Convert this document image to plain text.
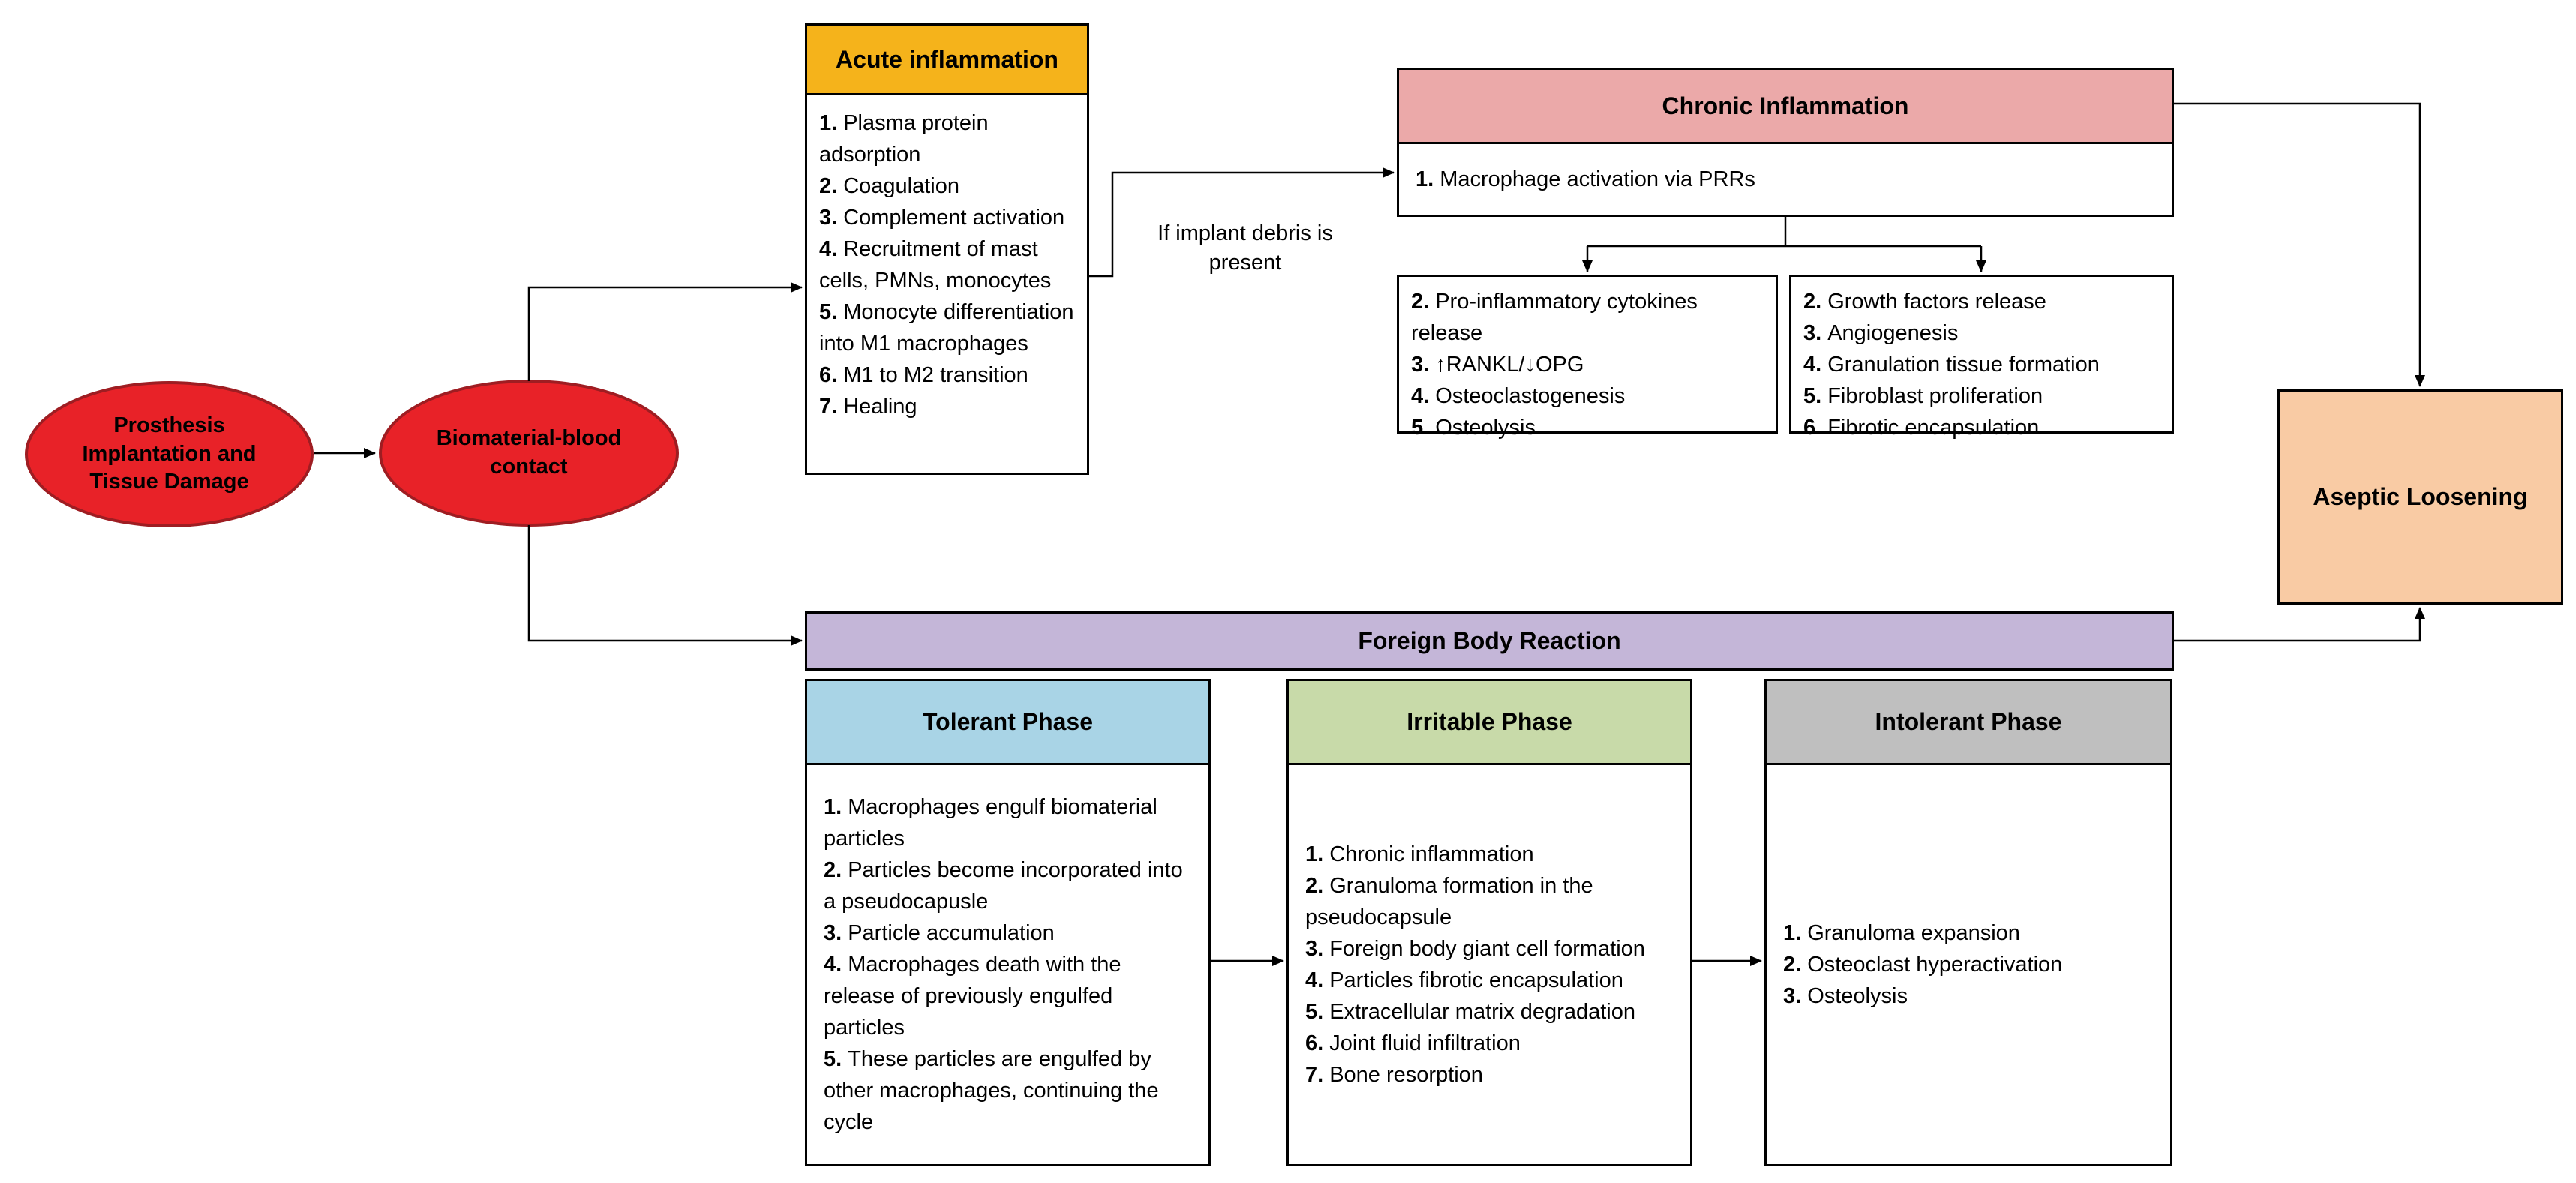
Prosthesis Implantation and Tissue Damage
Biomaterial-blood contact
Acute inflammation

1. Plasma protein adsorption

2. Coagulation

3. Complement activation

4. Recruitment of mast cells, PMNs, monocytes

5. Monocyte differentiation into M1 macrophages

6. M1 to M2 transition

7. Healing

If implant debris is present
Chronic Inflammation

1. Macrophage activation via PRRs

2. Pro-inflammatory cytokines release

3. ↑RANKL/↓OPG

4. Osteoclastogenesis

5. Osteolysis

2. Growth factors release

3. Angiogenesis

4. Granulation tissue formation

5. Fibroblast proliferation

6. Fibrotic encapsulation

Aseptic Loosening
Foreign Body Reaction
Tolerant Phase

1. Macrophages engulf biomaterial particles

2. Particles become incorporated into a pseudocapusle

3. Particle accumulation

4. Macrophages death with the release of previously engulfed particles

5. These particles are engulfed by other macrophages, continuing the cycle

Irritable Phase

1. Chronic inflammation

2. Granuloma formation in the pseudocapsule

3. Foreign body giant cell formation

4. Particles fibrotic encapsulation

5. Extracellular matrix degradation

6. Joint fluid infiltration

7. Bone resorption

Intolerant Phase

1. Granuloma expansion

2. Osteoclast hyperactivation

3. Osteolysis
